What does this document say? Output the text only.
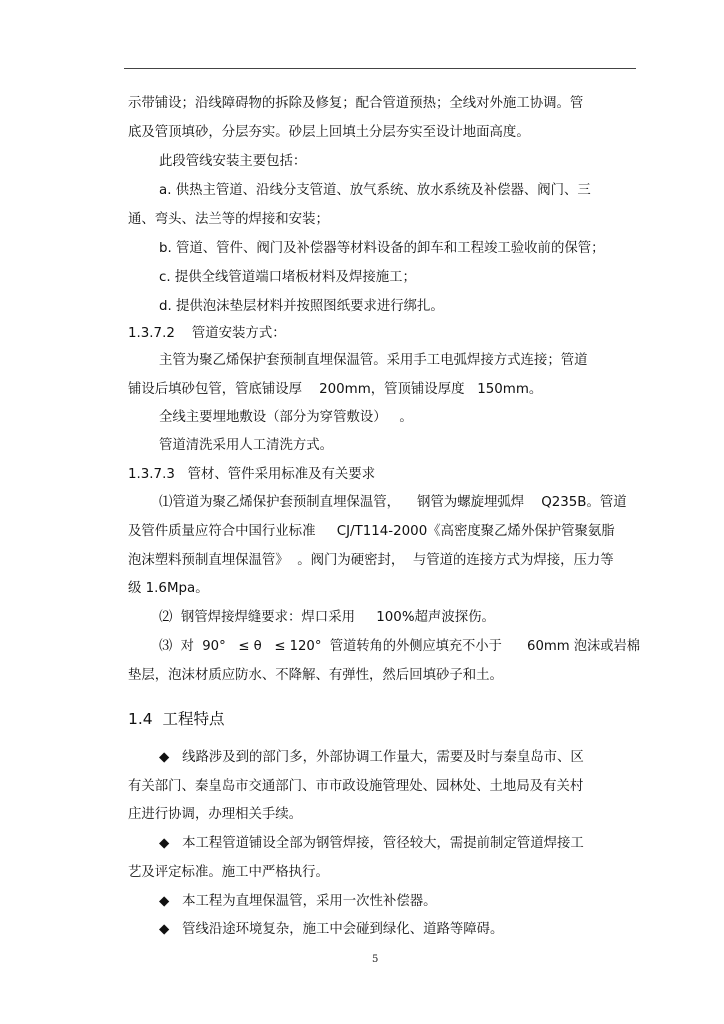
示带铺设；沿线障碍物的拆除及修复；配合管道预热；全线对外施工协调。管
底及管顶填砂，分层夯实。砂层上回填土分层夯实至设计地面高度。
此段管线安装主要包括：
a. 供热主管道、沿线分支管道、放气系统、放水系统及补偿器、阀门、三
通、弯头、法兰等的焊接和安装；
b. 管道、管件、阀门及补偿器等材料设备的卸车和工程竣工验收前的保管；
c. 提供全线管道端口堵板材料及焊接施工；
d. 提供泡沫垫层材料并按照图纸要求进行绑扎。
1.3.7.2    管道安装方式：
主管为聚乙烯保护套预制直埋保温管。采用手工电弧焊接方式连接；管道
铺设后填砂包管，管底铺设厚    200mm，管顶铺设厚度   150mm。
全线主要埋地敷设（部分为穿管敷设）   。
管道清洗采用人工清洗方式。
1.3.7.3   管材、管件采用标准及有关要求
⑴管道为聚乙烯保护套预制直埋保温管，    钢管为螺旋埋弧焊    Q235B。管道
及管件质量应符合中国行业标准     CJ/T114-2000《高密度聚乙烯外保护管聚氨脂
泡沫塑料预制直埋保温管》  。阀门为硬密封，  与管道的连接方式为焊接，压力等
级 1.6Mpa。
⑵  钢管焊接焊缝要求：焊口采用     100%超声波探伤。
⑶  对  90°   ≤ θ   ≤ 120°  管道转角的外侧应填充不小于      60mm 泡沫或岩棉
垫层，泡沫材质应防水、不降解、有弹性，然后回填砂子和土。
1.4  工程特点
◆   线路涉及到的部门多，外部协调工作量大，需要及时与秦皇岛市、区
有关部门、秦皇岛市交通部门、市市政设施管理处、园林处、土地局及有关村
庄进行协调，办理相关手续。
◆   本工程管道铺设全部为钢管焊接，管径较大，需提前制定管道焊接工
艺及评定标准。施工中严格执行。
◆   本工程为直埋保温管，采用一次性补偿器。
◆   管线沿途环境复杂，施工中会碰到绿化、道路等障碍。
5
